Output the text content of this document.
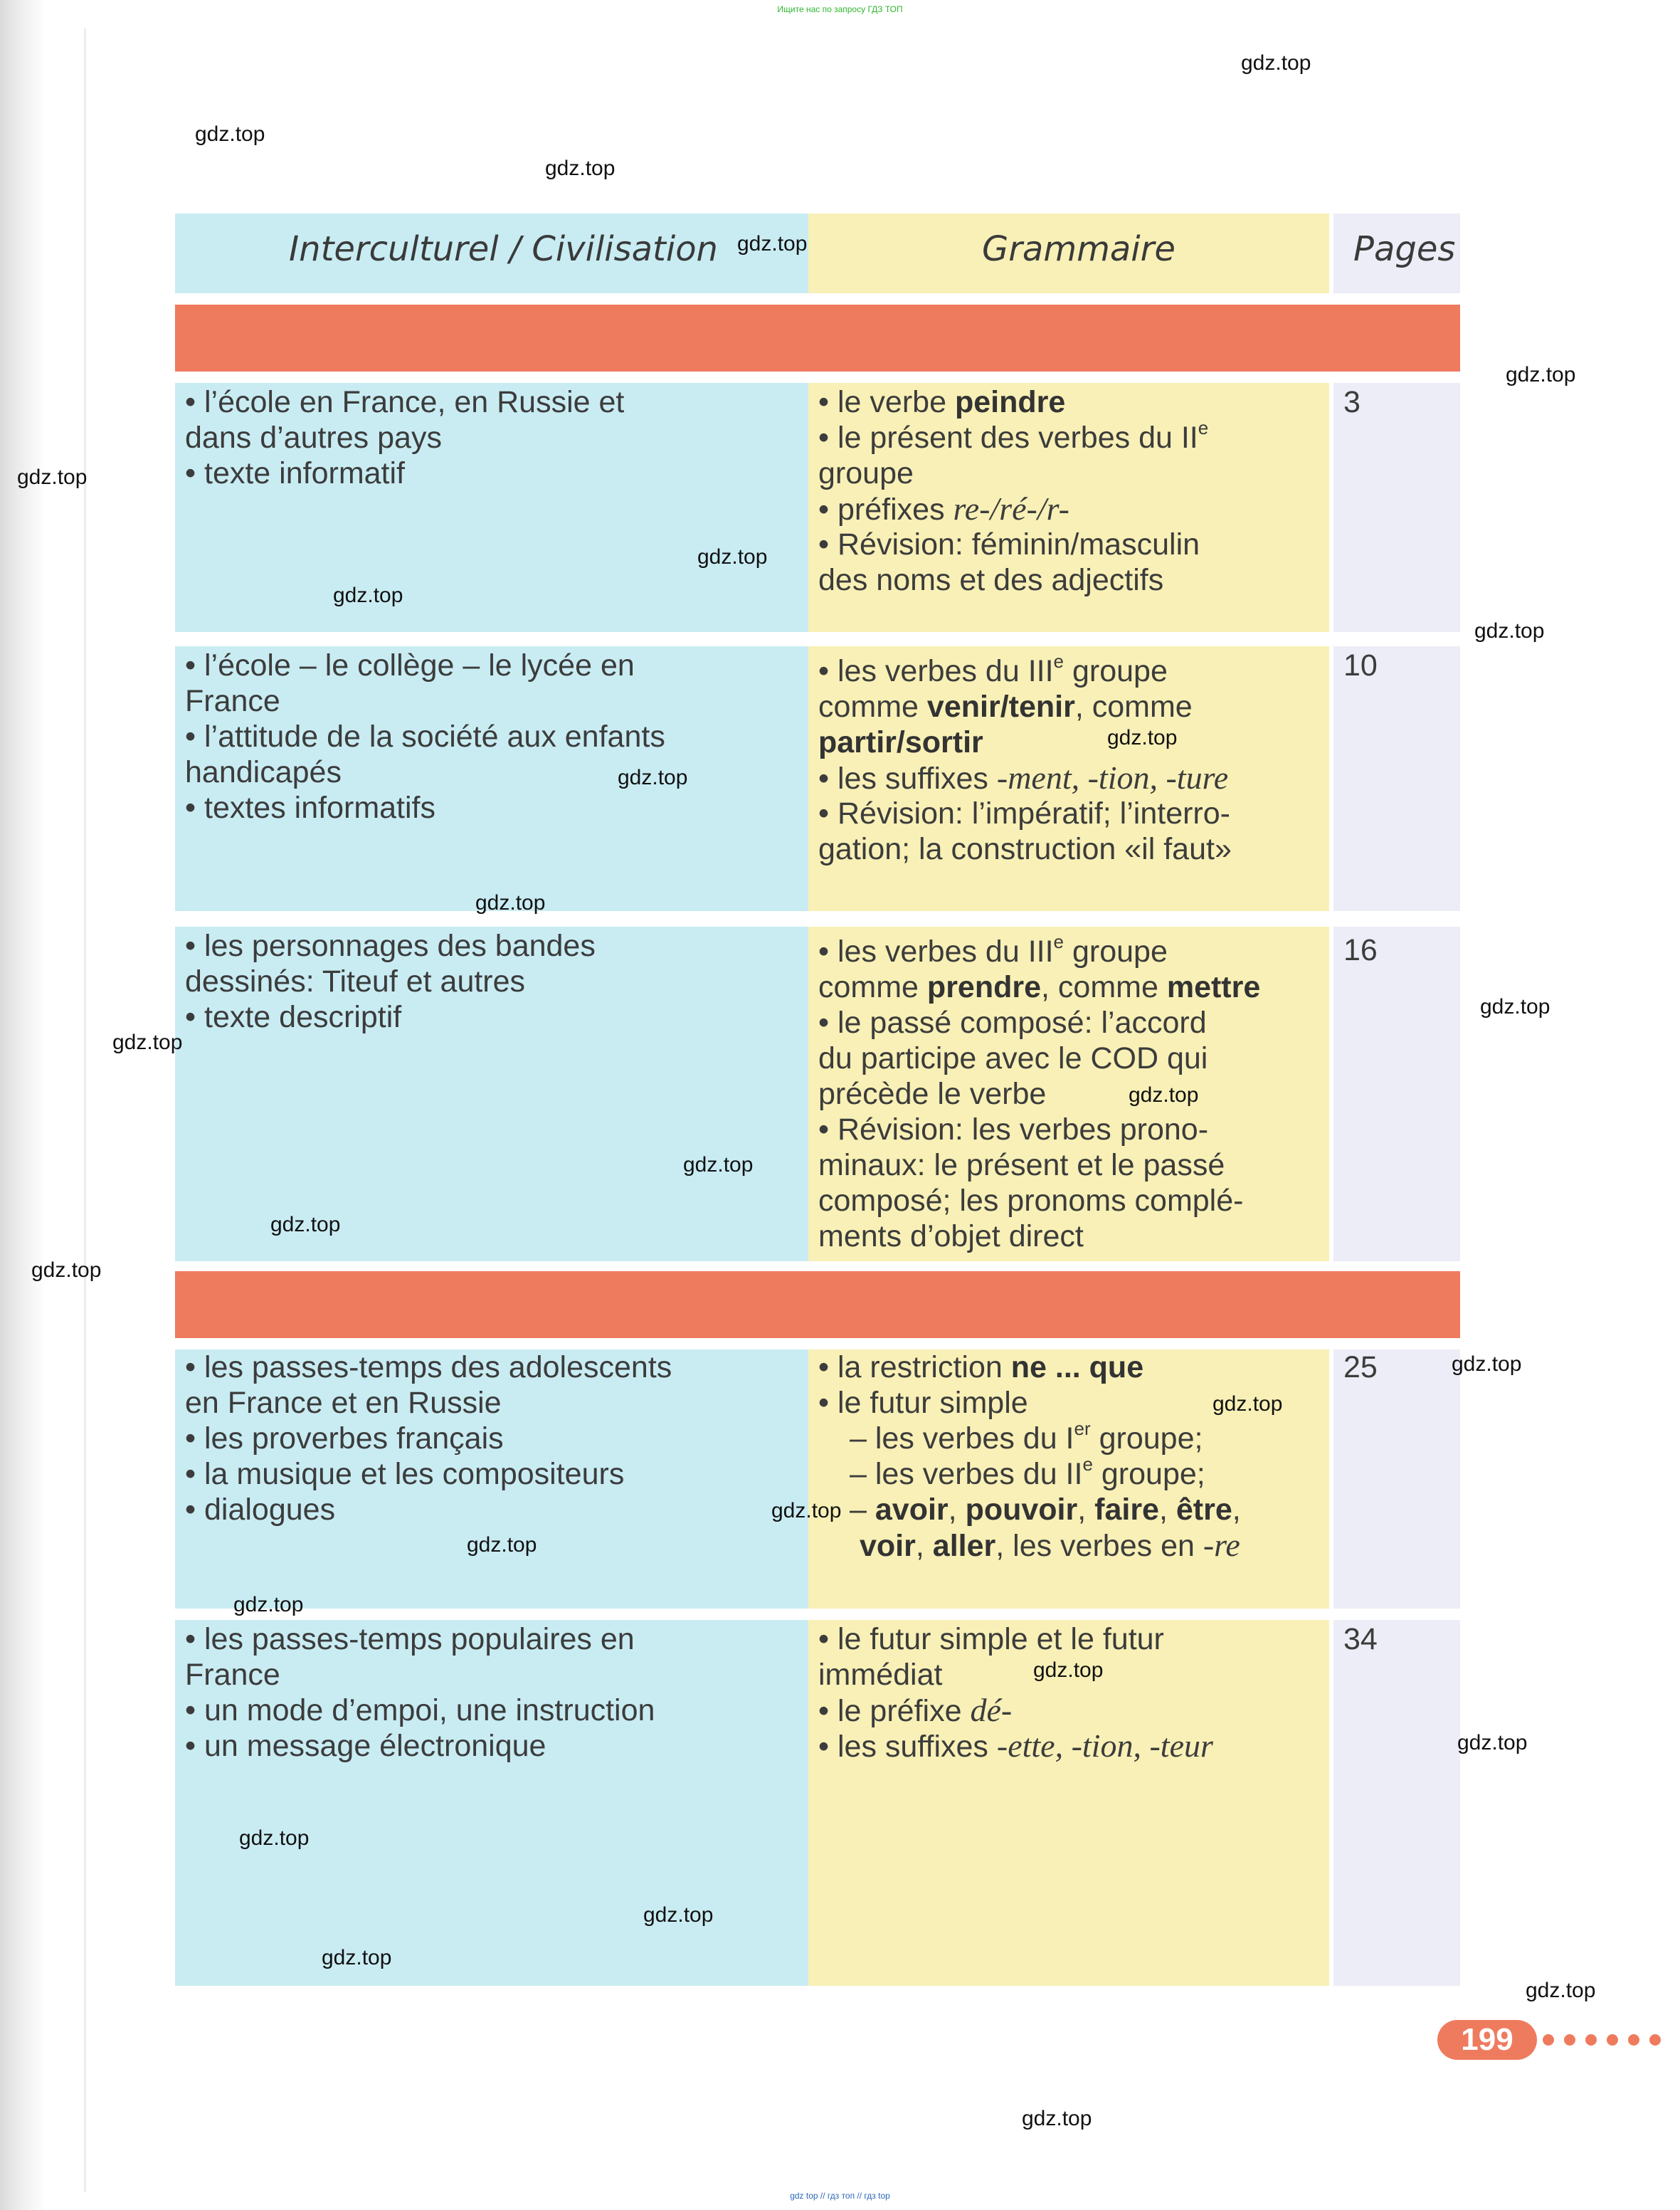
Ищите нас по запросу ГДЗ ТОП
Interculturel / Civilisation	Grammaire	Pages
• l’école en France, en Russie et
dans d’autres pays
• texte informatif
• le verbe peindre
• le présent des verbes du IIe
groupe
• préfixes re-/ré-/r-
• Révision: féminin/masculin
des noms et des adjectifs
3
• l’école – le collège – le lycée en
France
• l’attitude de la société aux enfants
handicapés
• textes informatifs
• les verbes du IIIe groupe
comme venir/tenir, comme
partir/sortir
• les suffixes -ment, -tion, -ture
• Révision: l’impératif; l’interro-
gation; la construction «il faut»
10
• les personnages des bandes
dessinés: Titeuf et autres
• texte descriptif
• les verbes du IIIe groupe
comme prendre, comme mettre
• le passé composé: l’accord
du participe avec le COD qui
précède le verbe
• Révision: les verbes prono-
minaux: le présent et le passé
composé; les pronoms complé-
ments d’objet direct
16
• les passes-temps des adolescents
en France et en Russie
• les proverbes français
• la musique et les compositeurs
• dialogues
• la restriction ne ... que
• le futur simple
– les verbes du Ier groupe;
– les verbes du IIe groupe;
– avoir, pouvoir, faire, être,
voir, aller, les verbes en -re
25
• les passes-temps populaires en
France
• un mode d’empoi, une instruction
• un message électronique
• le futur simple et le futur
immédiat
• le préfixe dé-
• les suffixes -ette, -tion, -teur
34
199
gdz.top
gdz.top
gdz.top
gdz.top
gdz.top
gdz.top
gdz.top
gdz.top
gdz.top
gdz.top
gdz.top
gdz.top
gdz.top
gdz.top
gdz.top
gdz.top
gdz.top
gdz.top
gdz.top
gdz.top
gdz.top
gdz.top
gdz.top
gdz.top
gdz.top
gdz.top
gdz.top
gdz.top
gdz.top
gdz.top
gdz top // гдз топ // гдз top
